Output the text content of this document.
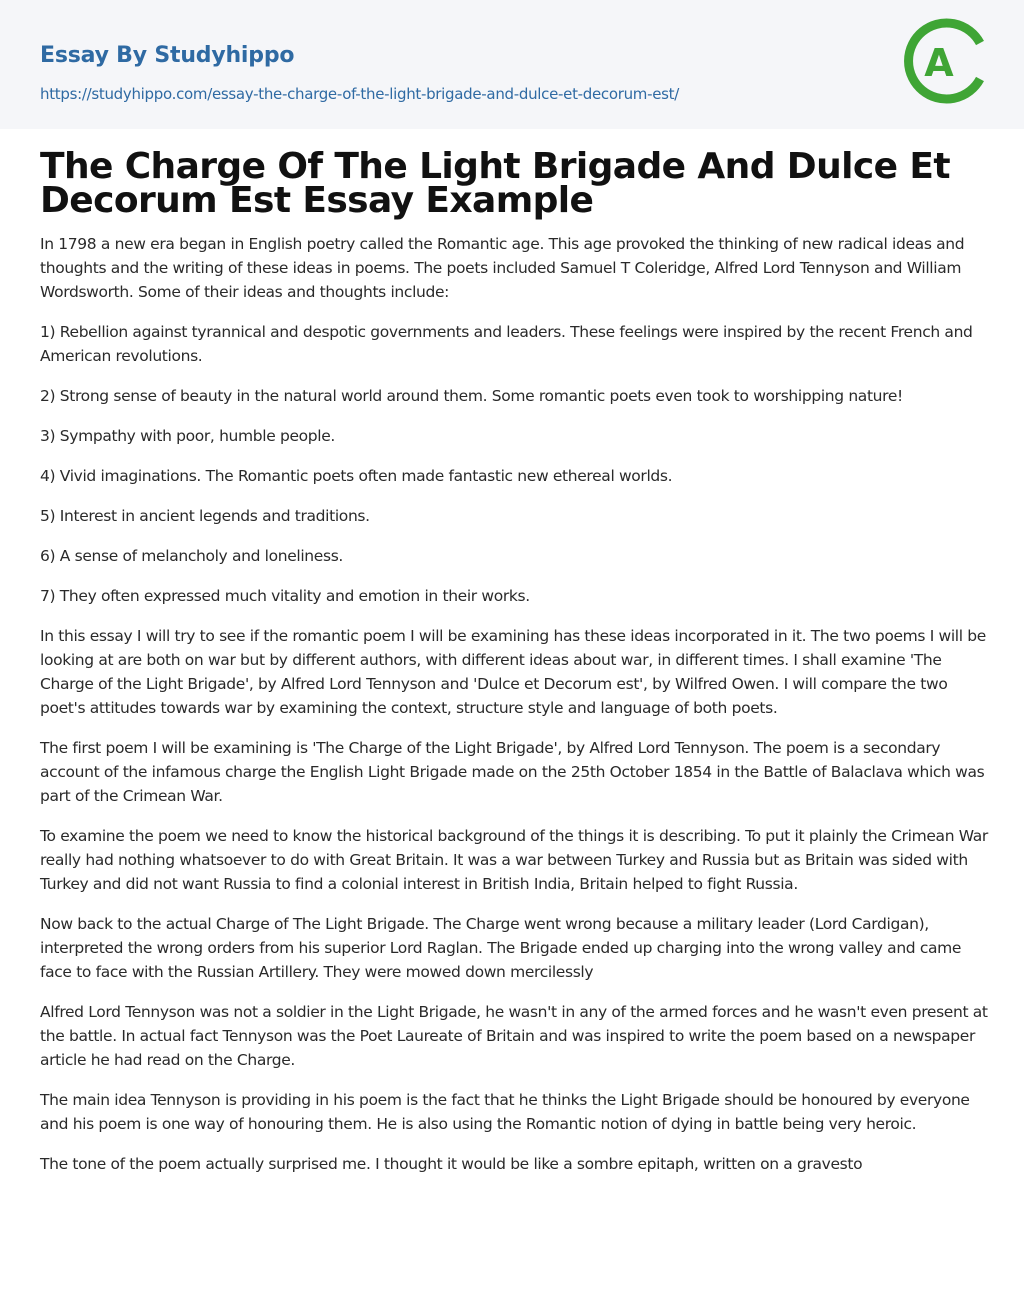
Essay By Studyhippo
https://studyhippo.com/essay-the-charge-of-the-light-brigade-and-dulce-et-decorum-est/
A
The Charge Of The Light Brigade And Dulce Et Decorum Est Essay Example

In 1798 a new era began in English poetry called the Romantic age. This age provoked the thinking of new radical ideas and thoughts and the writing of these ideas in poems. The poets included Samuel T Coleridge, Alfred Lord Tennyson and William Wordsworth. Some of their ideas and thoughts include:

1) Rebellion against tyrannical and despotic governments and leaders. These feelings were inspired by the recent French and American revolutions.

2) Strong sense of beauty in the natural world around them. Some romantic poets even took to worshipping nature!

3) Sympathy with poor, humble people.

4) Vivid imaginations. The Romantic poets often made fantastic new ethereal worlds.

5) Interest in ancient legends and traditions.

6) A sense of melancholy and loneliness.

7) They often expressed much vitality and emotion in their works.

In this essay I will try to see if the romantic poem I will be examining has these ideas incorporated in it. The two poems I will be looking at are both on war but by different authors, with different ideas about war, in different times. I shall examine 'The Charge of the Light Brigade', by Alfred Lord Tennyson and 'Dulce et Decorum est', by Wilfred Owen. I will compare the two poet's attitudes towards war by examining the context, structure style and language of both poets.

The first poem I will be examining is 'The Charge of the Light Brigade', by Alfred Lord Tennyson. The poem is a secondary account of the infamous charge the English Light Brigade made on the 25th October 1854 in the Battle of Balaclava which was part of the Crimean War.

To examine the poem we need to know the historical background of the things it is describing. To put it plainly the Crimean War really had nothing whatsoever to do with Great Britain. It was a war between Turkey and Russia but as Britain was sided with Turkey and did not want Russia to find a colonial interest in British India, Britain helped to fight Russia.

Now back to the actual Charge of The Light Brigade. The Charge went wrong because a military leader (Lord Cardigan), interpreted the wrong orders from his superior Lord Raglan. The Brigade ended up charging into the wrong valley and came face to face with the Russian Artillery. They were mowed down mercilessly

Alfred Lord Tennyson was not a soldier in the Light Brigade, he wasn't in any of the armed forces and he wasn't even present at the battle. In actual fact Tennyson was the Poet Laureate of Britain and was inspired to write the poem based on a newspaper article he had read on the Charge.

The main idea Tennyson is providing in his poem is the fact that he thinks the Light Brigade should be honoured by everyone and his poem is one way of honouring them. He is also using the Romantic notion of dying in battle being very heroic.

The tone of the poem actually surprised me. I thought it would be like a sombre epitaph, written on a gravesto
